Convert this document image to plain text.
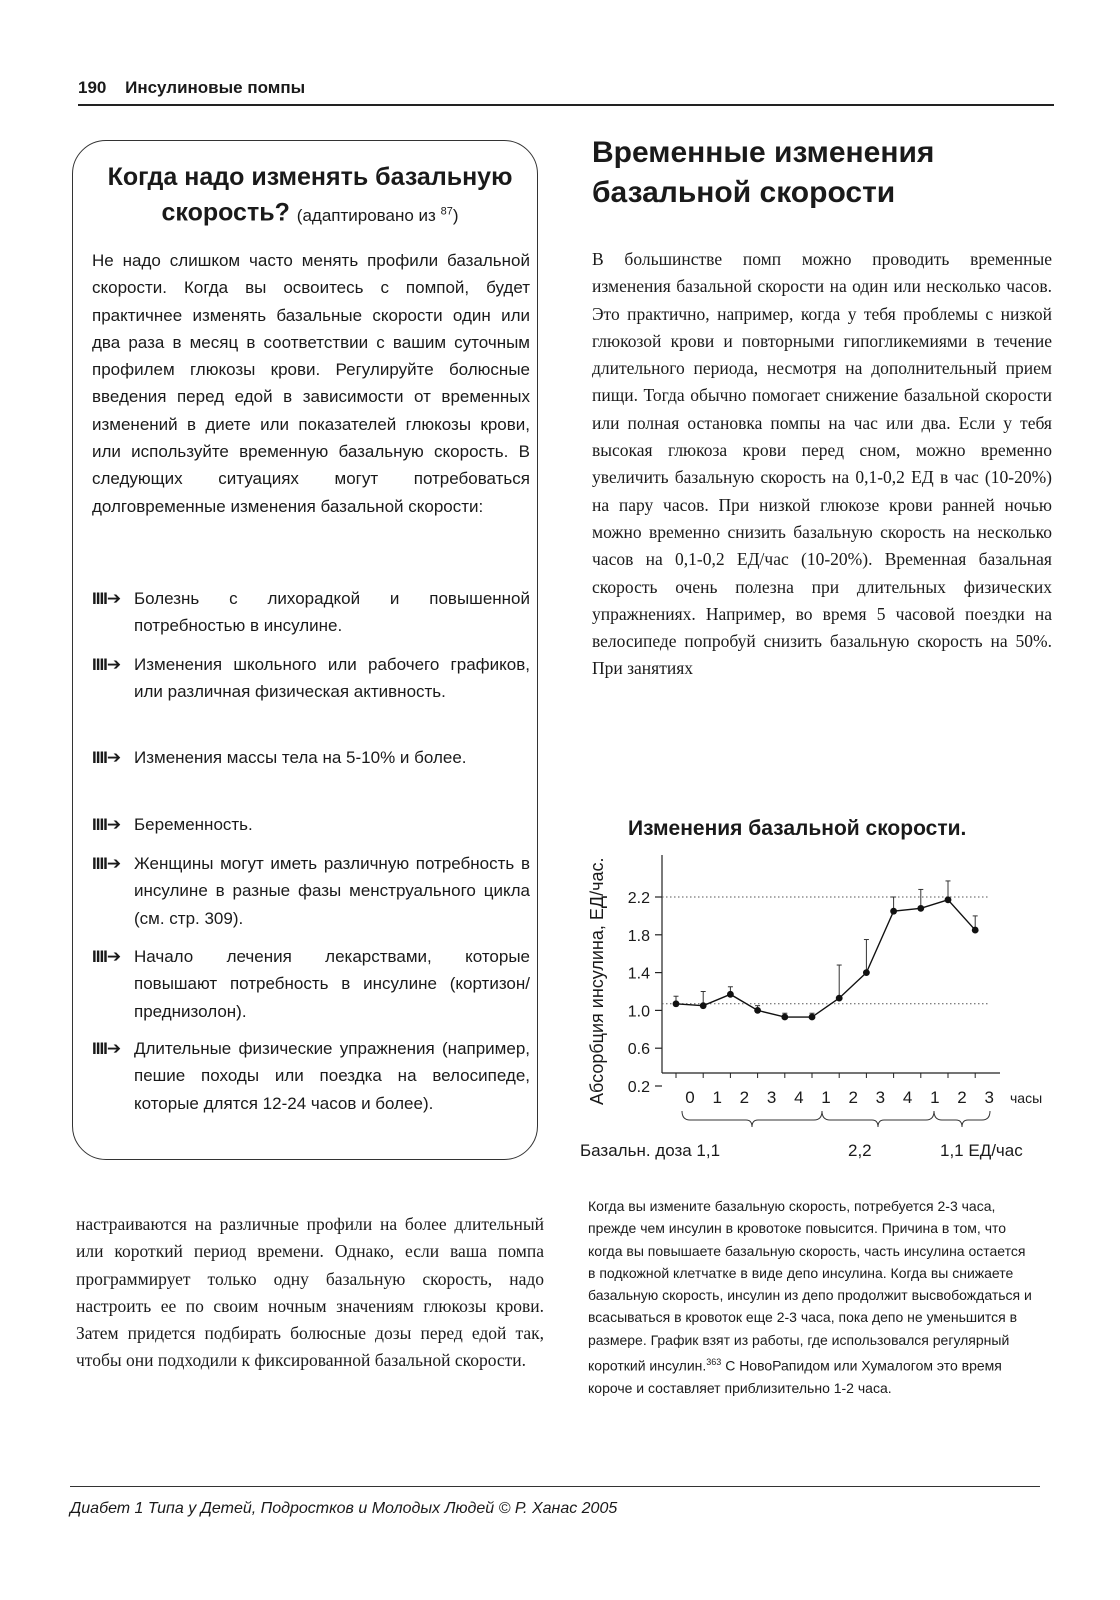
190 Инсулиновые помпы
Когда надо изменять базальную
скорость? (адаптировано из $^{87}$)
Не надо слишком часто менять профили базальной скорости. Когда вы освоитесь с помпой, будет практичнее изменять базальные скорости один или два раза в месяц в соответствии с вашим суточным профилем глюкозы крови. Регулируйте болюсные введения перед едой в зависимости от временных изменений в диете или показателей глюкозы крови, или используйте временную базальную скорость. В следующих ситуациях могут потребоваться долговременные изменения базальной скорости:
IIII➔ Болезнь с лихорадкой и повышенной потребностью в инсулине.
IIII➔ Изменения школьного или рабочего графиков, или различная физическая активность.
IIII➔ Изменения массы тела на 5-10% и более.
IIII➔ Беременность.
IIII➔ Женщины могут иметь различную потребность в инсулине в разные фазы менструального цикла (см. стр. 309).
IIII➔ Начало лечения лекарствами, которые повышают потребность в инсулине (кортизон/преднизолон).
IIII➔ Длительные физические упражнения (например, пешие походы или поездка на велосипеде, которые длятся 12-24 часов и более).
Временные изменения
базальной скорости
В большинстве помп можно проводить временные изменения базальной скорости на один или несколько часов. Это практично, например, когда у тебя проблемы с низкой глюкозой крови и повторными гипогликемиями в течение длительного периода, несмотря на дополнительный прием пищи. Тогда обычно помогает снижение базальной скорости или полная остановка помпы на час или два. Если у тебя высокая глюкоза крови перед сном, можно временно увеличить базальную скорость на 0,1-0,2 ЕД в час (10-20%) на пару часов. При низкой глюкозе крови ранней ночью можно временно снизить базальную скорость на несколько часов на 0,1-0,2 ЕД/час (10-20%). Временная базальная скорость очень полезна при длительных физических упражнениях. Например, во время 5 часовой поездки на велосипеде попробуй снизить базальную скорость на 50%. При занятиях
Изменения базальной скорости.
Абсорбция инсулина, ЕД/час. 2.2
1.8
1.4
1.0
0.6
0.2
0 1 2 3 4 1 2 3 4 1 2 3 часы
Базальн. доза 1,1	2,2	1,1 ЕД/час
Когда вы измените базальную скорость, потребуется 2-3 часа, прежде чем инсулин в кровотоке повысится. Причина в том, что когда вы повышаете базальную скорость, часть инсулина остается в подкожной клетчатке в виде депо инсулина. Когда вы снижаете базальную скорость, инсулин из депо продолжит высвобождаться и всасываться в кровоток еще 2-3 часа, пока депо не уменьшится в размере. График взят из работы, где использовался регулярный короткий инсулин.$^{363}$ С НовоРапидом или Хумалогом это время короче и составляет приблизительно 1-2 часа.
настраиваются на различные профили на более длительный или короткий период времени. Однако, если ваша помпа программирует только одну базальную скорость, надо настроить ее по своим ночным значениям глюкозы крови. Затем придется подбирать болюсные дозы перед едой так, чтобы они подходили к фиксированной базальной скорости.
Диабет 1 Типа у Детей, Подростков и Молодых Людей © Р. Ханас 2005
